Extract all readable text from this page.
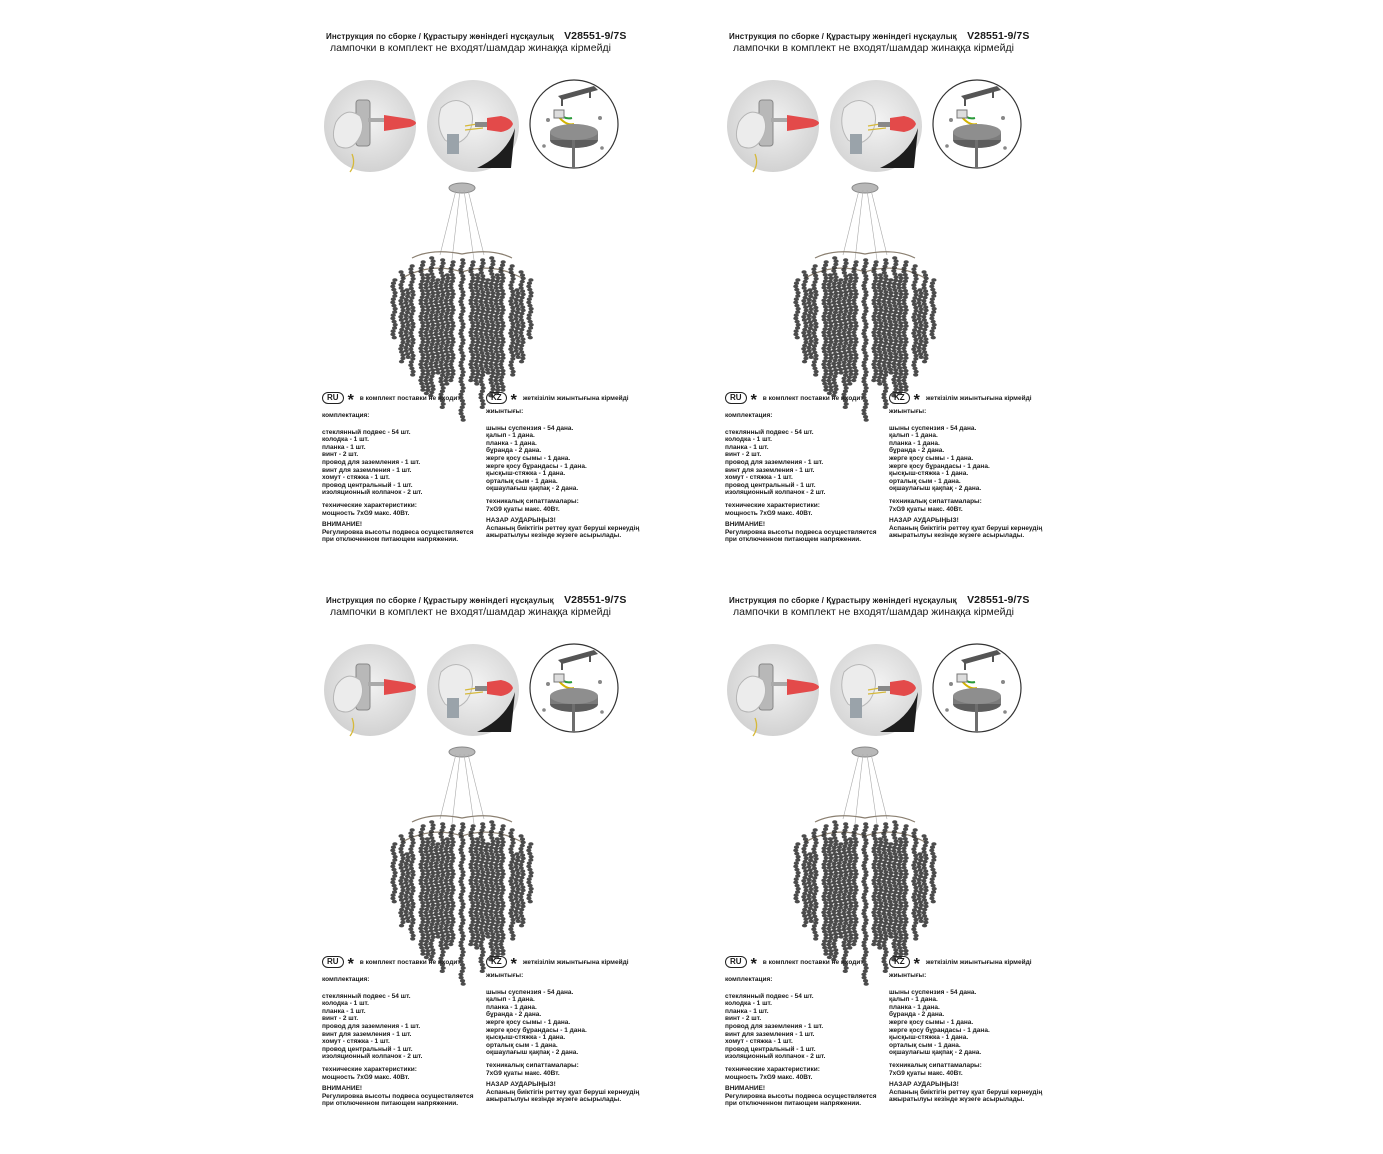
Инструкция по сборке / Құрастыру жөніндегі нұсқаулық V28551-9/7S
лампочки в комплект не входят/шамдар жинаққа кірмейді
RU * в комплект поставки не входит	KZ * жеткізілім жиынтығына кірмейді
комплектация:
стеклянный подвес - 54 шт.
колодка - 1 шт.
планка - 1 шт.
винт - 2 шт.
провод для заземления - 1 шт.
винт для заземления - 1 шт.
хомут - стяжка - 1 шт.
провод центральный - 1 шт.
изоляционный колпачок - 2 шт.
технические характеристики:
мощность 7xG9 макс. 40Вт.
ВНИМАНИЕ!
Регулировка высоты подвеса осуществляется
при отключенном питающем напряжении.
жиынтығы:
шыны суспензия - 54 дана.
қалып - 1 дана.
планка - 1 дана.
бұранда - 2 дана.
жерге қосу сымы - 1 дана.
жерге қосу бұрандасы - 1 дана.
қысқыш-стяжка - 1 дана.
орталық сым - 1 дана.
оқшаулағыш қақпақ - 2 дана.
техникалық сипаттамалары:
7xG9 қуаты макс. 40Вт.
НАЗАР АУДАРЫҢЫЗ!
Аспаның биіктігін реттеу қуат беруші кернеудің
ажыратылуы кезінде жүзеге асырылады.
Инструкция по сборке / Құрастыру жөніндегі нұсқаулық V28551-9/7S
лампочки в комплект не входят/шамдар жинаққа кірмейді
RU * в комплект поставки не входит	KZ * жеткізілім жиынтығына кірмейді
комплектация:
стеклянный подвес - 54 шт.
колодка - 1 шт.
планка - 1 шт.
винт - 2 шт.
провод для заземления - 1 шт.
винт для заземления - 1 шт.
хомут - стяжка - 1 шт.
провод центральный - 1 шт.
изоляционный колпачок - 2 шт.
технические характеристики:
мощность 7xG9 макс. 40Вт.
ВНИМАНИЕ!
Регулировка высоты подвеса осуществляется
при отключенном питающем напряжении.
жиынтығы:
шыны суспензия - 54 дана.
қалып - 1 дана.
планка - 1 дана.
бұранда - 2 дана.
жерге қосу сымы - 1 дана.
жерге қосу бұрандасы - 1 дана.
қысқыш-стяжка - 1 дана.
орталық сым - 1 дана.
оқшаулағыш қақпақ - 2 дана.
техникалық сипаттамалары:
7xG9 қуаты макс. 40Вт.
НАЗАР АУДАРЫҢЫЗ!
Аспаның биіктігін реттеу қуат беруші кернеудің
ажыратылуы кезінде жүзеге асырылады.
Инструкция по сборке / Құрастыру жөніндегі нұсқаулық V28551-9/7S
лампочки в комплект не входят/шамдар жинаққа кірмейді
RU * в комплект поставки не входит	KZ * жеткізілім жиынтығына кірмейді
комплектация:
стеклянный подвес - 54 шт.
колодка - 1 шт.
планка - 1 шт.
винт - 2 шт.
провод для заземления - 1 шт.
винт для заземления - 1 шт.
хомут - стяжка - 1 шт.
провод центральный - 1 шт.
изоляционный колпачок - 2 шт.
технические характеристики:
мощность 7xG9 макс. 40Вт.
ВНИМАНИЕ!
Регулировка высоты подвеса осуществляется
при отключенном питающем напряжении.
жиынтығы:
шыны суспензия - 54 дана.
қалып - 1 дана.
планка - 1 дана.
бұранда - 2 дана.
жерге қосу сымы - 1 дана.
жерге қосу бұрандасы - 1 дана.
қысқыш-стяжка - 1 дана.
орталық сым - 1 дана.
оқшаулағыш қақпақ - 2 дана.
техникалық сипаттамалары:
7xG9 қуаты макс. 40Вт.
НАЗАР АУДАРЫҢЫЗ!
Аспаның биіктігін реттеу қуат беруші кернеудің
ажыратылуы кезінде жүзеге асырылады.
Инструкция по сборке / Құрастыру жөніндегі нұсқаулық V28551-9/7S
лампочки в комплект не входят/шамдар жинаққа кірмейді
RU * в комплект поставки не входит	KZ * жеткізілім жиынтығына кірмейді
комплектация:
стеклянный подвес - 54 шт.
колодка - 1 шт.
планка - 1 шт.
винт - 2 шт.
провод для заземления - 1 шт.
винт для заземления - 1 шт.
хомут - стяжка - 1 шт.
провод центральный - 1 шт.
изоляционный колпачок - 2 шт.
технические характеристики:
мощность 7xG9 макс. 40Вт.
ВНИМАНИЕ!
Регулировка высоты подвеса осуществляется
при отключенном питающем напряжении.
жиынтығы:
шыны суспензия - 54 дана.
қалып - 1 дана.
планка - 1 дана.
бұранда - 2 дана.
жерге қосу сымы - 1 дана.
жерге қосу бұрандасы - 1 дана.
қысқыш-стяжка - 1 дана.
орталық сым - 1 дана.
оқшаулағыш қақпақ - 2 дана.
техникалық сипаттамалары:
7xG9 қуаты макс. 40Вт.
НАЗАР АУДАРЫҢЫЗ!
Аспаның биіктігін реттеу қуат беруші кернеудің
ажыратылуы кезінде жүзеге асырылады.
